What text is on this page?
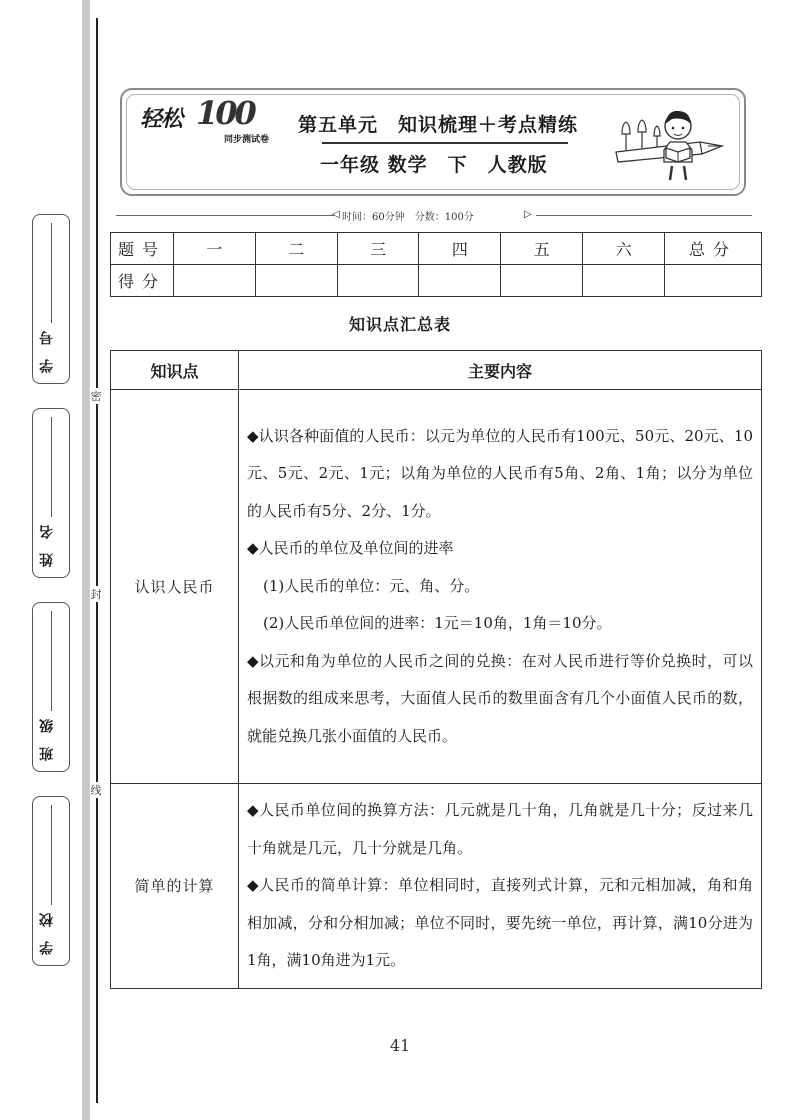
密
封
线
学号
姓名
班级
学校
轻松 100
同步测试卷
第五单元　知识梳理＋考点精练
一年级 数学　下　人教版
◁ 时间：60分钟　分数：100分	▷
题号	一	二	三	四	五	六	总分
得分							
知识点汇总表
知识点	主要内容
认识人民币	◆ 认识各种面值的人民币：以元为单位的人民币有100元、50元、20元、10元、5元、2元、1元；以角为单位的人民币有5角、2角、1角；以分为单位的人民币有5分、2分、1分。

◆ 人民币的单位及单位间的进率

(1)人民币的单位：元、角、分。

(2)人民币单位间的进率：1元＝10角，1角＝10分。

◆ 以元和角为单位的人民币之间的兑换：在对人民币进行等价兑换时，可以根据数的组成来思考，大面值人民币的数里面含有几个小面值人民币的数，就能兑换几张小面值的人民币。

简单的计算	◆ 人民币单位间的换算方法：几元就是几十角，几角就是几十分；反过来几十角就是几元，几十分就是几角。

◆ 人民币的简单计算：单位相同时，直接列式计算，元和元相加减，角和角相加减，分和分相加减；单位不同时，要先统一单位，再计算，满10分进为1角，满10角进为1元。

41
